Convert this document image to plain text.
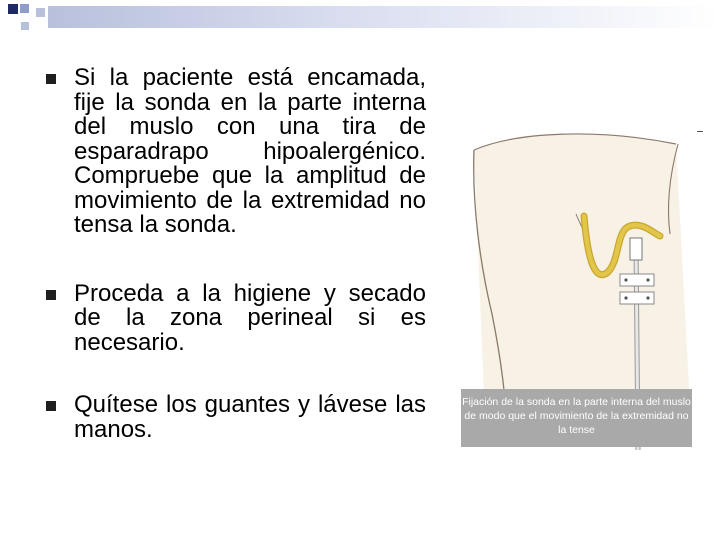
Si la paciente está encamada, fije la sonda en la parte interna del muslo con una tira de esparadrapo hipoalergénico. Compruebe que la amplitud de movimiento de la extremidad no tensa la sonda.
Proceda a la higiene y secado de la zona perineal si es necesario.
Quítese los guantes y lávese las manos.
Fijación de la sonda en la parte interna del muslo de modo que el movimiento de la extremidad no la tense
